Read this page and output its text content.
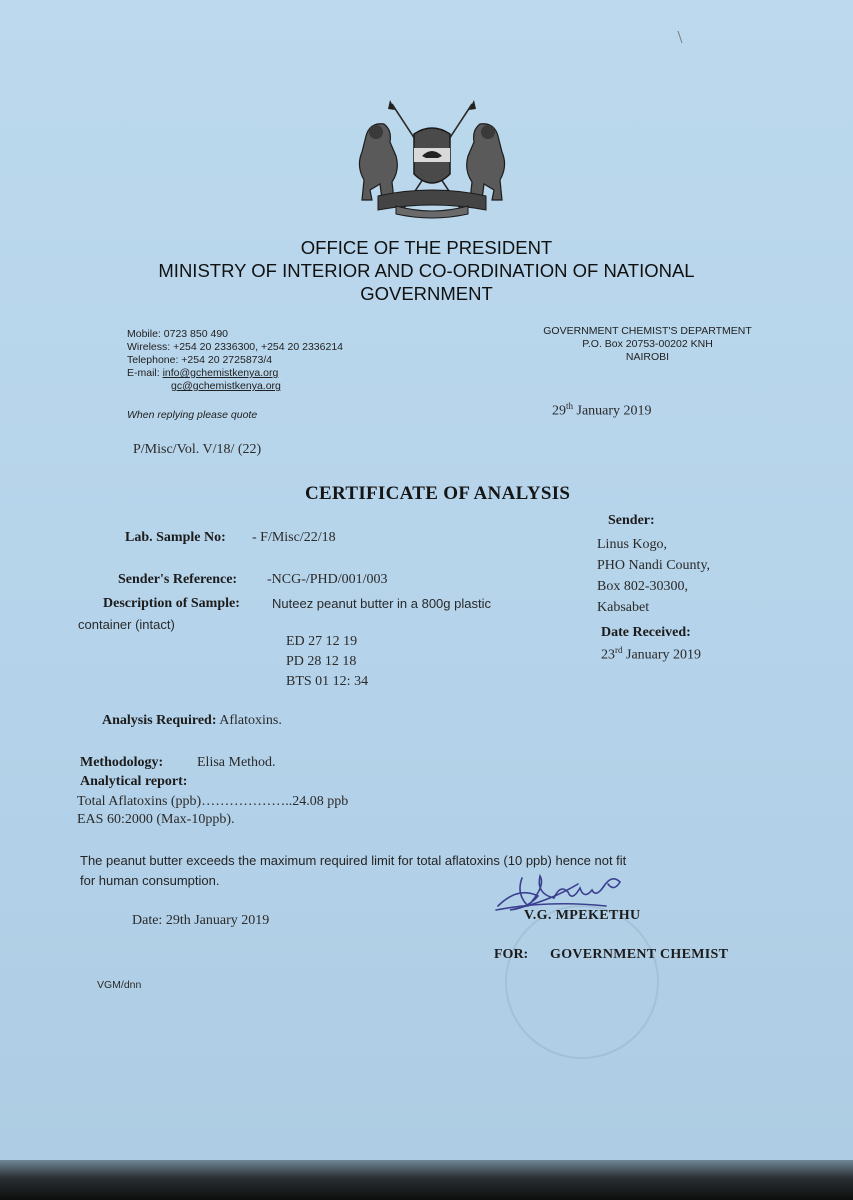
OFFICE OF THE PRESIDENT
MINISTRY OF INTERIOR AND CO-ORDINATION OF NATIONAL
GOVERNMENT
Mobile: 0723 850 490
Wireless: +254 20 2336300, +254 20 2336214
Telephone: +254 20 2725873/4
E-mail: info@gchemistkenya.org
gc@gchemistkenya.org
When replying please quote
GOVERNMENT CHEMIST'S DEPARTMENT
P.O. Box 20753-00202 KNH
NAIROBI
29th January 2019
P/Misc/Vol. V/18/ (22)
CERTIFICATE OF ANALYSIS
Lab. Sample No: - F/Misc/22/18
Sender:
Linus Kogo,
PHO Nandi County,
Box 802-30300,
Kabsabet
Sender's Reference: -NCG-/PHD/001/003
Description of Sample: Nuteez peanut butter in a 800g plastic
container (intact)
ED 27 12 19
PD 28 12 18
BTS 01 12: 34
Date Received:
23rd January 2019
Analysis Required: Aflatoxins.
Methodology: Elisa Method.
Analytical report:
Total Aflatoxins (ppb)………………..24.08 ppb
EAS 60:2000 (Max-10ppb).
The peanut butter exceeds the maximum required limit for total aflatoxins (10 ppb) hence not fit
for human consumption.
Date: 29th January 2019	V.G. MPEKETHU
FOR: GOVERNMENT CHEMIST
VGM/dnn
